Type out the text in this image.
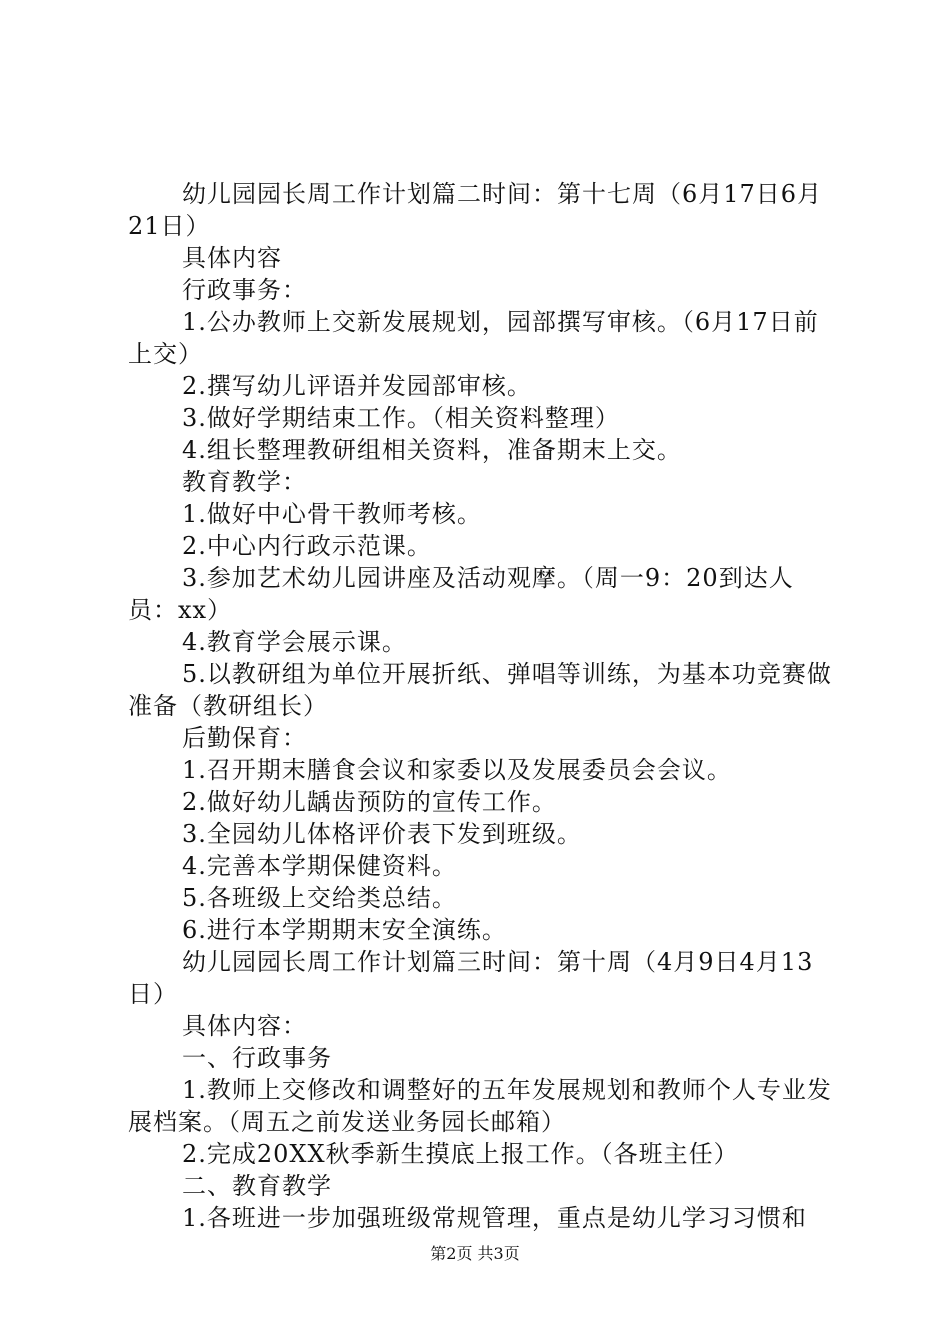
幼儿园园长周工作计划篇二时间：第十七周（6月17日6月21日）

具体内容

行政事务：

1.公办教师上交新发展规划，园部撰写审核。（6月17日前上交）

2.撰写幼儿评语并发园部审核。

3.做好学期结束工作。（相关资料整理）

4.组长整理教研组相关资料，准备期末上交。

教育教学：

1.做好中心骨干教师考核。

2.中心内行政示范课。

3.参加艺术幼儿园讲座及活动观摩。（周一9：20到达人员：xx）

4.教育学会展示课。

5.以教研组为单位开展折纸、弹唱等训练，为基本功竞赛做准备（教研组长）

后勤保育：

1.召开期末膳食会议和家委以及发展委员会会议。

2.做好幼儿龋齿预防的宣传工作。

3.全园幼儿体格评价表下发到班级。

4.完善本学期保健资料。

5.各班级上交给类总结。

6.进行本学期期末安全演练。

幼儿园园长周工作计划篇三时间：第十周（4月9日4月13日）

具体内容：

一、行政事务

1.教师上交修改和调整好的五年发展规划和教师个人专业发展档案。（周五之前发送业务园长邮箱）

2.完成20XX秋季新生摸底上报工作。（各班主任）

二、教育教学

1.各班进一步加强班级常规管理，重点是幼儿学习习惯和

第2页 共3页
